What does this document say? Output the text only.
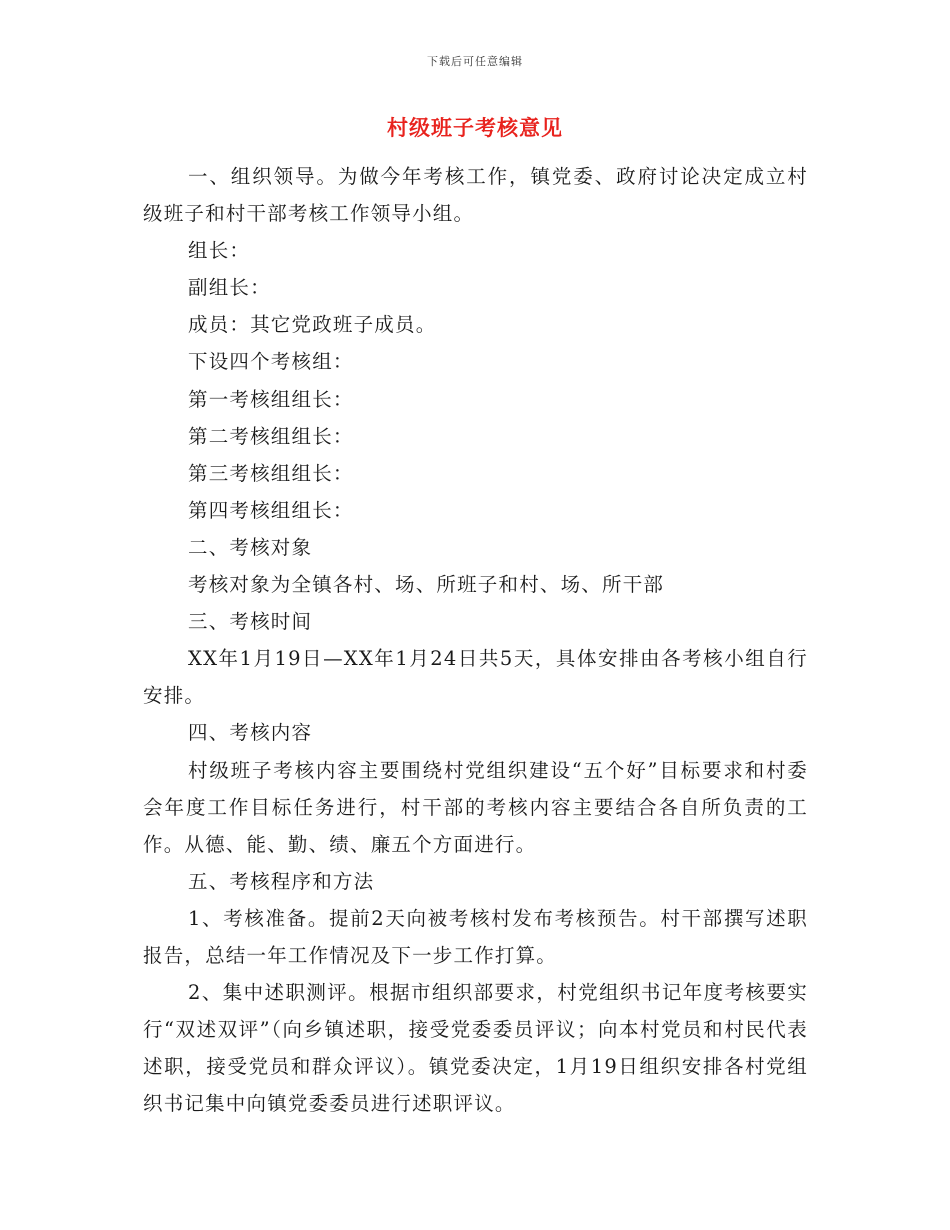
下载后可任意编辑
村级班子考核意见

一、组织领导。为做今年考核工作，镇党委、政府讨论决定成立村级班子和村干部考核工作领导小组。

组长：

副组长：

成员：其它党政班子成员。

下设四个考核组：

第一考核组组长：

第二考核组组长：

第三考核组组长：

第四考核组组长：

二、考核对象

考核对象为全镇各村、场、所班子和村、场、所干部

三、考核时间

XX年1月19日—XX年1月24日共5天，具体安排由各考核小组自行安排。

四、考核内容

村级班子考核内容主要围绕村党组织建设“五个好”目标要求和村委会年度工作目标任务进行，村干部的考核内容主要结合各自所负责的工作。从德、能、勤、绩、廉五个方面进行。

五、考核程序和方法

1、考核准备。提前2天向被考核村发布考核预告。村干部撰写述职报告，总结一年工作情况及下一步工作打算。

2、集中述职测评。根据市组织部要求，村党组织书记年度考核要实行“双述双评”（向乡镇述职，接受党委委员评议；向本村党员和村民代表述职，接受党员和群众评议）。镇党委决定，1月19日组织安排各村党组织书记集中向镇党委委员进行述职评议。
